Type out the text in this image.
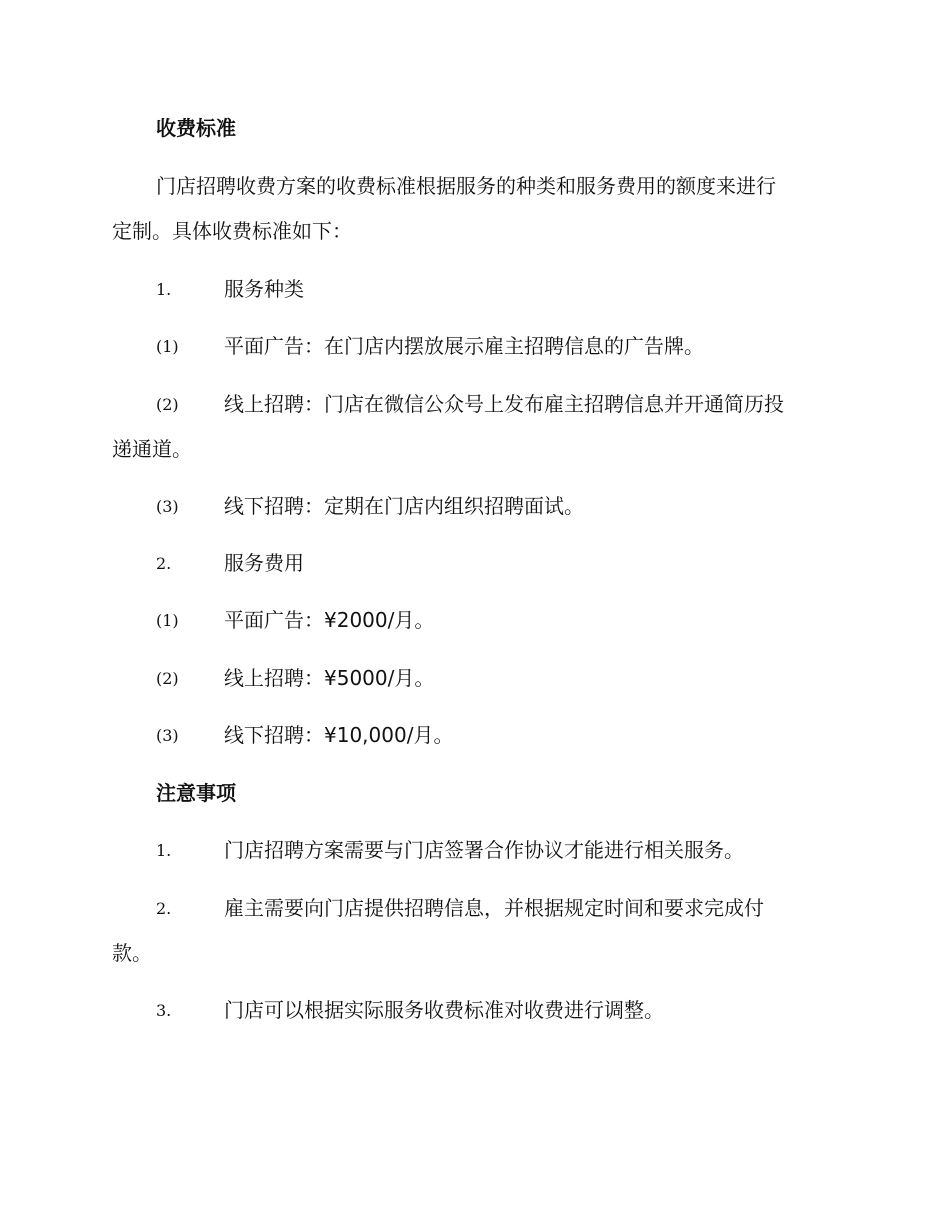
收费标准
门店招聘收费方案的收费标准根据服务的种类和服务费用的额度来进行
定制。具体收费标准如下：
1.	服务种类
(1) 平面广告：在门店内摆放展示雇主招聘信息的广告牌。
(2) 线上招聘：门店在微信公众号上发布雇主招聘信息并开通简历投
递通道。
(3) 线下招聘：定期在门店内组织招聘面试。
2.	服务费用
(1) 平面广告：¥2000/月。
(2) 线上招聘：¥5000/月。
(3) 线下招聘：¥10,000/月。
注意事项
1.	门店招聘方案需要与门店签署合作协议才能进行相关服务。
2.	雇主需要向门店提供招聘信息，并根据规定时间和要求完成付
款。
3.	门店可以根据实际服务收费标准对收费进行调整。
